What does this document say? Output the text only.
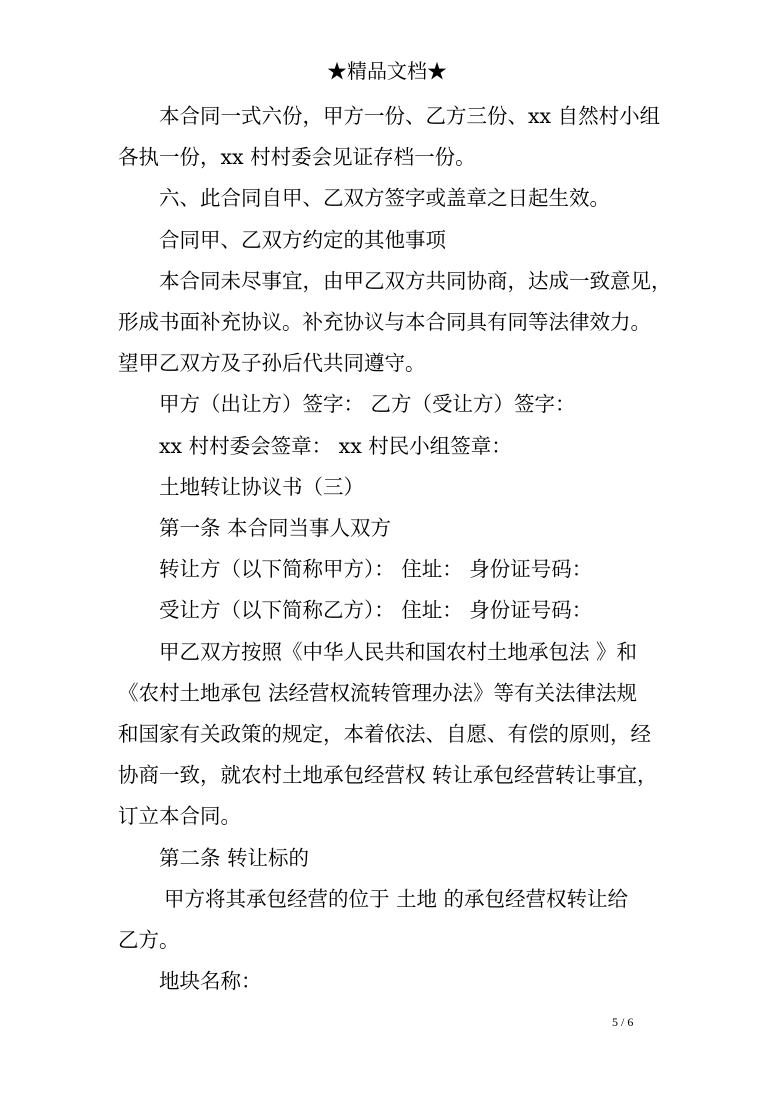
★精品文档★

本合同一式六份，甲方一份、乙方三份、xx 自然村小组

各执一份，xx 村村委会见证存档一份。

六、此合同自甲、乙双方签字或盖章之日起生效。

合同甲、乙双方约定的其他事项

本合同未尽事宜，由甲乙双方共同协商，达成一致意见，

形成书面补充协议。补充协议与本合同具有同等法律效力。

望甲乙双方及子孙后代共同遵守。

甲方（出让方）签字： 乙方（受让方）签字：

xx 村村委会签章： xx 村民小组签章：

土地转让协议书（三）

第一条 本合同当事人双方

转让方（以下简称甲方）： 住址： 身份证号码：

受让方（以下简称乙方）： 住址： 身份证号码：

甲乙双方按照《中华人民共和国农村土地承包法 》和

《农村土地承包 法经营权流转管理办法》等有关法律法规

和国家有关政策的规定，本着依法、自愿、有偿的原则，经

协商一致，就农村土地承包经营权 转让承包经营转让事宜，

订立本合同。

第二条 转让标的

甲方将其承包经营的位于 土地 的承包经营权转让给

乙方。

地块名称：

5 / 6
